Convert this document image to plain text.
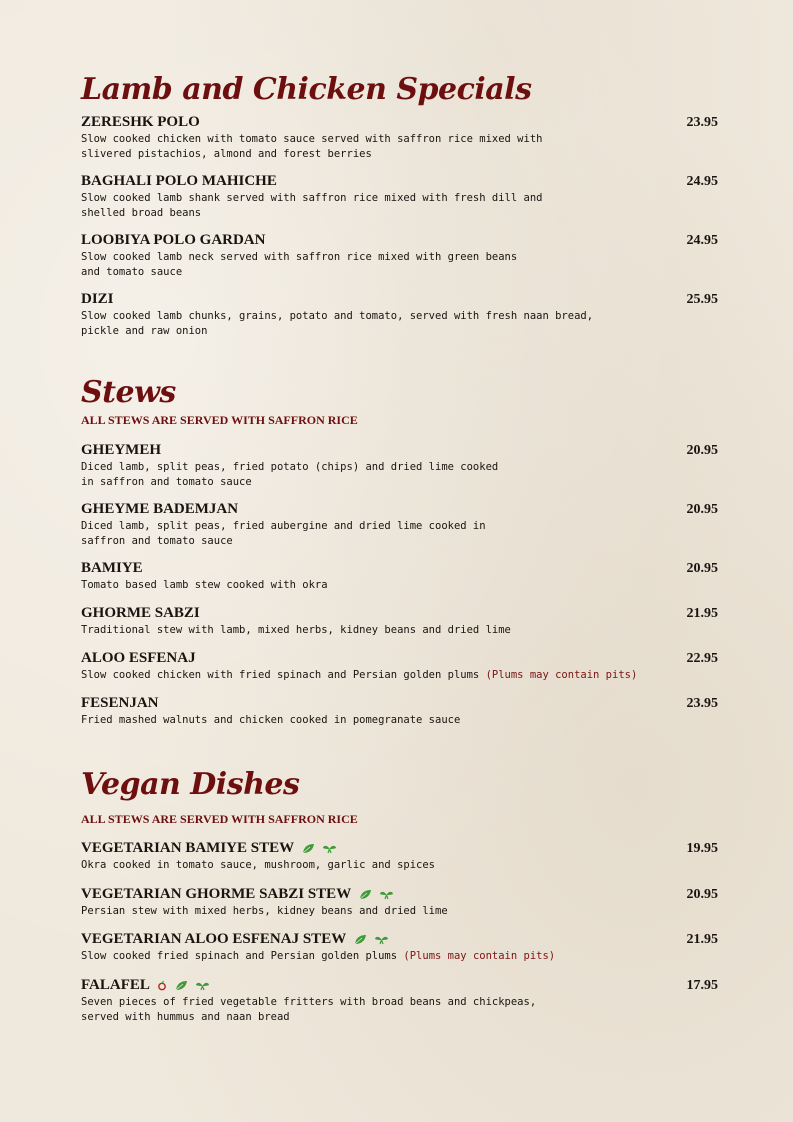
Lamb and Chicken Specials
ZERESHK POLO	23.95
Slow cooked chicken with tomato sauce served with saffron rice mixed with
slivered pistachios, almond and forest berries
BAGHALI POLO MAHICHE	24.95
Slow cooked lamb shank served with saffron rice mixed with fresh dill and
shelled broad beans
LOOBIYA POLO GARDAN	24.95
Slow cooked lamb neck served with saffron rice mixed with green beans
and tomato sauce
DIZI	25.95
Slow cooked lamb chunks, grains, potato and tomato, served with fresh naan bread,
pickle and raw onion
Stews

ALL STEWS ARE SERVED WITH SAFFRON RICE

GHEYMEH	20.95
Diced lamb, split peas, fried potato (chips) and dried lime cooked
in saffron and tomato sauce
GHEYME BADEMJAN	20.95
Diced lamb, split peas, fried aubergine and dried lime cooked in
saffron and tomato sauce
BAMIYE	20.95
Tomato based lamb stew cooked with okra
GHORME SABZI	21.95
Traditional stew with lamb, mixed herbs, kidney beans and dried lime
ALOO ESFENAJ	22.95
Slow cooked chicken with fried spinach and Persian golden plums (Plums may contain pits)
FESENJAN	23.95
Fried mashed walnuts and chicken cooked in pomegranate sauce
Vegan Dishes

ALL STEWS ARE SERVED WITH SAFFRON RICE

VEGETARIAN BAMIYE STEW	19.95
Okra cooked in tomato sauce, mushroom, garlic and spices
VEGETARIAN GHORME SABZI STEW	20.95
Persian stew with mixed herbs, kidney beans and dried lime
VEGETARIAN ALOO ESFENAJ STEW	21.95
Slow cooked fried spinach and Persian golden plums (Plums may contain pits)
FALAFEL	17.95
Seven pieces of fried vegetable fritters with broad beans and chickpeas,
served with hummus and naan bread
